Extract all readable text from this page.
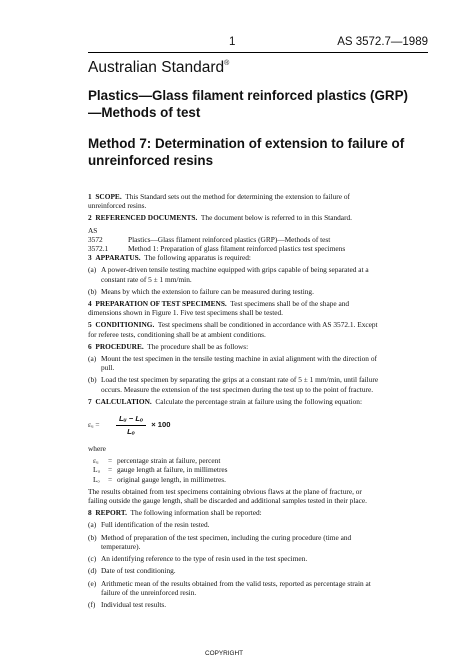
1	AS 3572.7—1989
Australian Standard®
Plastics—Glass filament reinforced plastics (GRP)—Methods of test
Method 7: Determination of extension to failure of unreinforced resins

1 SCOPE. This Standard sets out the method for determining the extension to failure of unreinforced resins.

2 REFERENCED DOCUMENTS. The document below is referred to in this Standard.

AS
3572	Plastics—Glass filament reinforced plastics (GRP)—Methods of test
3572.1	Method 1: Preparation of glass filament reinforced plastics test specimens

3 APPARATUS. The following apparatus is required:

(a) A power-driven tensile testing machine equipped with grips capable of being separated at a constant rate of 5 ± 1 mm/min.
(b) Means by which the extension to failure can be measured during testing.

4 PREPARATION OF TEST SPECIMENS. Test specimens shall be of the shape and dimensions shown in Figure 1. Five test specimens shall be tested.

5 CONDITIONING. Test specimens shall be conditioned in accordance with AS 3572.1. Except for referee tests, conditioning shall be at ambient conditions.

6 PROCEDURE. The procedure shall be as follows:

(a) Mount the test specimen in the tensile testing machine in axial alignment with the direction of pull.
(b) Load the test specimen by separating the grips at a constant rate of 5 ± 1 mm/min, until failure occurs. Measure the extension of the test specimen during the test up to the point of fracture.

7 CALCULATION. Calculate the percentage strain at failure using the following equation:

εᵤ =	$\frac{\text{Lᵤ − Lₒ}}{\text{Lₒ}} \times 100$
where
εᵤ	= percentage strain at failure, percent
Lᵤ	= gauge length at failure, in millimetres
Lₒ	= original gauge length, in millimetres.

The results obtained from test specimens containing obvious flaws at the plane of fracture, or failing outside the gauge length, shall be discarded and additional samples tested in their place.

8 REPORT. The following information shall be reported:

(a) Full identification of the resin tested.
(b) Method of preparation of the test specimen, including the curing procedure (time and temperature).
(c) An identifying reference to the type of resin used in the test specimen.
(d) Date of test conditioning.
(e) Arithmetic mean of the results obtained from the valid tests, reported as percentage strain at failure of the unreinforced resin.
(f) Individual test results.
COPYRIGHT
